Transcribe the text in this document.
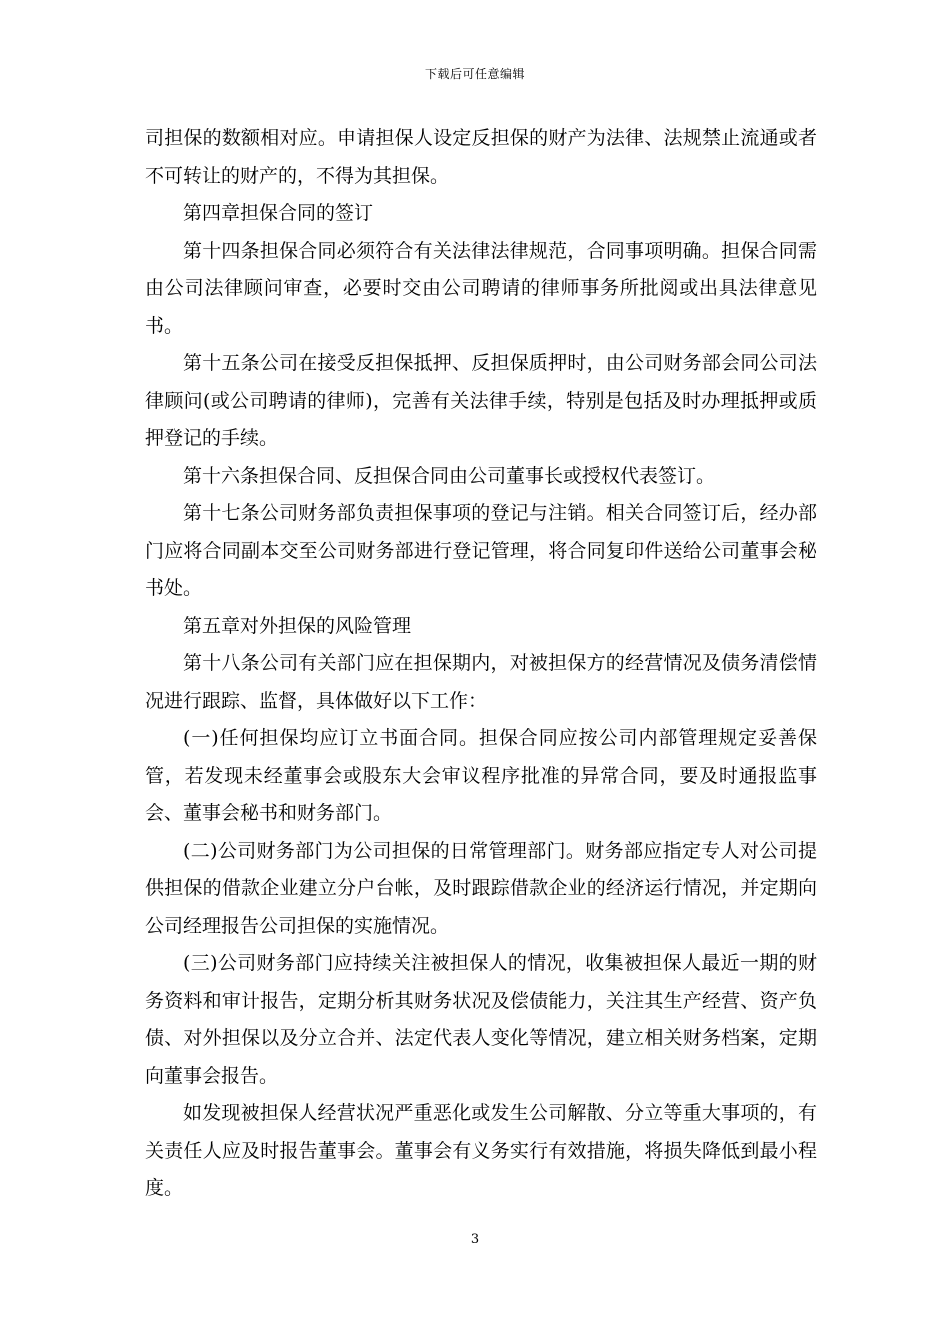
下载后可任意编辑

司担保的数额相对应。申请担保人设定反担保的财产为法律、法规禁止流通或者不可转让的财产的，不得为其担保。

第四章担保合同的签订

第十四条担保合同必须符合有关法律法律规范，合同事项明确。担保合同需由公司法律顾问审查，必要时交由公司聘请的律师事务所批阅或出具法律意见书。

第十五条公司在接受反担保抵押、反担保质押时，由公司财务部会同公司法律顾问(或公司聘请的律师)，完善有关法律手续，特别是包括及时办理抵押或质押登记的手续。

第十六条担保合同、反担保合同由公司董事长或授权代表签订。

第十七条公司财务部负责担保事项的登记与注销。相关合同签订后，经办部门应将合同副本交至公司财务部进行登记管理，将合同复印件送给公司董事会秘书处。

第五章对外担保的风险管理

第十八条公司有关部门应在担保期内，对被担保方的经营情况及债务清偿情况进行跟踪、监督，具体做好以下工作：

(一)任何担保均应订立书面合同。担保合同应按公司内部管理规定妥善保管，若发现未经董事会或股东大会审议程序批准的异常合同，要及时通报监事会、董事会秘书和财务部门。

(二)公司财务部门为公司担保的日常管理部门。财务部应指定专人对公司提供担保的借款企业建立分户台帐，及时跟踪借款企业的经济运行情况，并定期向公司经理报告公司担保的实施情况。

(三)公司财务部门应持续关注被担保人的情况，收集被担保人最近一期的财务资料和审计报告，定期分析其财务状况及偿债能力，关注其生产经营、资产负债、对外担保以及分立合并、法定代表人变化等情况，建立相关财务档案，定期向董事会报告。

如发现被担保人经营状况严重恶化或发生公司解散、分立等重大事项的，有关责任人应及时报告董事会。董事会有义务实行有效措施，将损失降低到最小程度。

3
